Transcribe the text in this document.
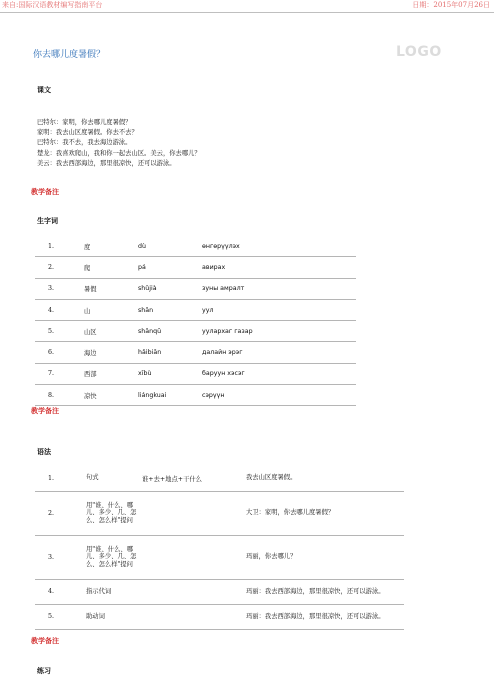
来自:国际汉语教材编写指南平台	日期：2015年07月26日
你去哪儿度暑假？	LOGO
课文
巴特尔：家明，你去哪儿度暑假？
家明：我去山区度暑假。你去不去？
巴特尔：我不去，我去海边游泳。
楚龙：我喜欢爬山，我和你一起去山区。美云，你去哪儿？
美云：我去西部海边，那里很凉快，还可以游泳。
教学备注
生字词
1.	度	dù	өнгөрүүлэх
2.	爬	pá	авирах
3.	暑假	shǔjià	зуны амралт
4.	山	shān	уул
5.	山区	shānqū	уулархаг газар
6.	海边	hǎibiān	далайн эрэг
7.	西部	xībù	баруун хэсэг
8.	凉快	liángkuai	сэрүүн
教学备注
语法
1.	句式	谁+去+地点+干什么	我去山区度暑假。
2.	用"谁、什么、哪儿、多少、几、怎么、怎么样"提问		大卫：家明，你去哪儿度暑假？
3.	用"谁、什么、哪儿、多少、几、怎么、怎么样"提问		玛丽，你去哪儿？
4.	指示代词		玛丽：我去西部海边，那里很凉快，还可以游泳。
5.	助动词		玛丽：我去西部海边，那里很凉快，还可以游泳。
教学备注
练习
